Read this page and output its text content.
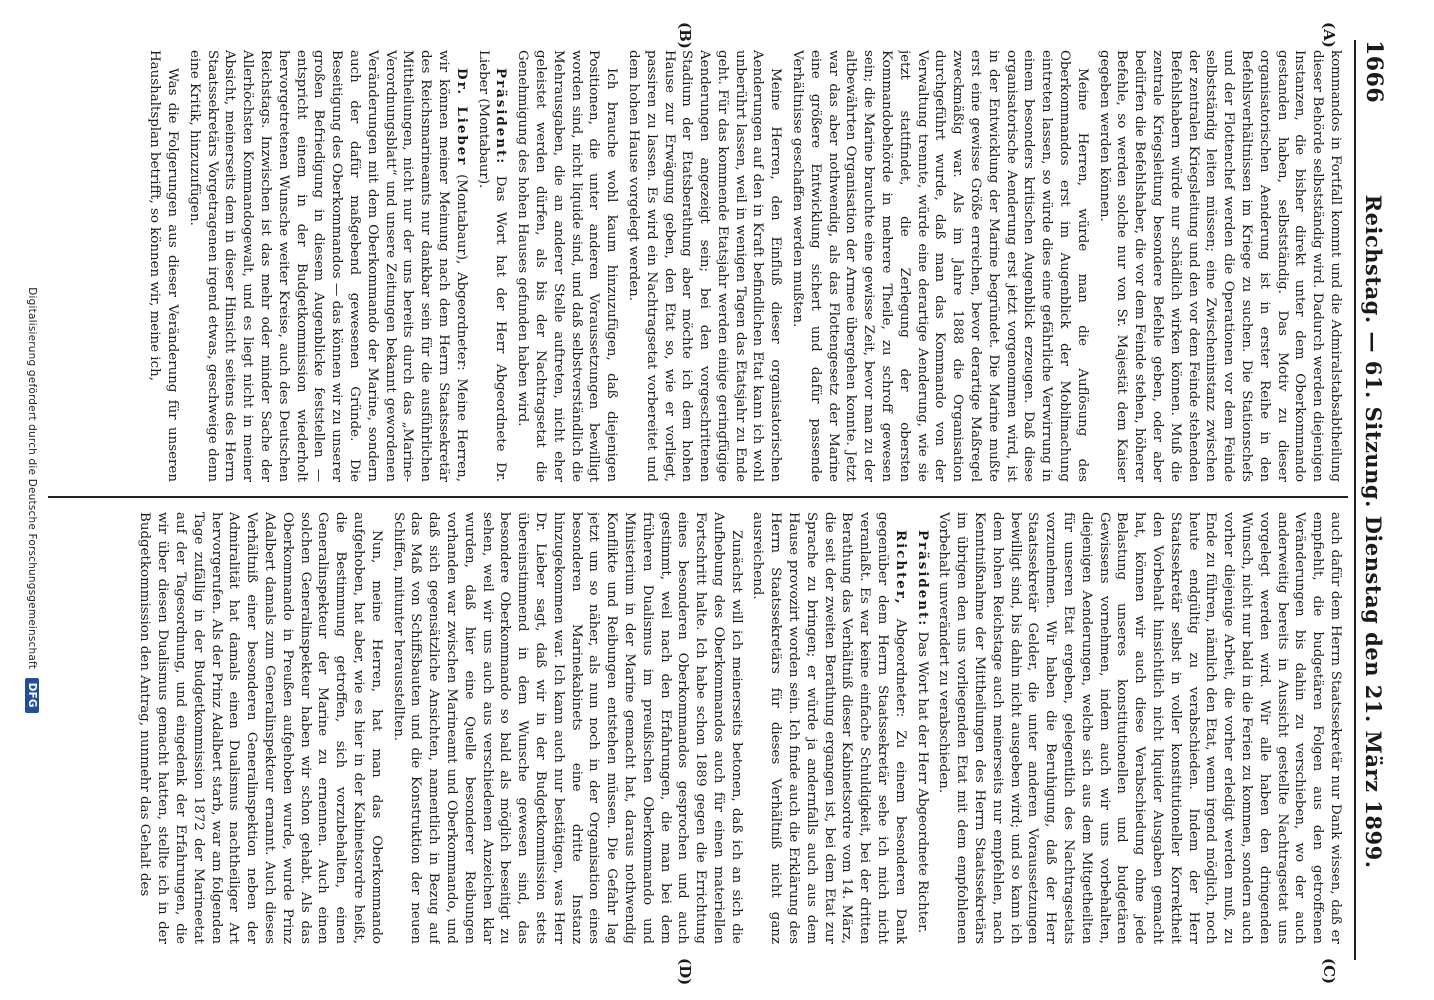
1666
Reichstag. — 61. Sitzung. Dienstag den 21. März 1899.
(A)
(B)
(C)
(D)

kommandos in Fortfall kommt und die Admiralstabsabtheilung dieser Behörde selbstständig wird. Dadurch werden diejenigen Instanzen, die bisher direkt unter dem Oberkommando gestanden haben, selbstständig. Das Motiv zu dieser organisatorischen Aenderung ist in erster Reihe in den Befehlsverhältnissen im Kriege zu suchen. Die Stationschefs und der Flottenchef werden die Operationen vor dem Feinde selbstständig leiten müssen; eine Zwischeninstanz zwischen der zentralen Kriegsleitung und den vor dem Feinde stehenden Befehlshabern würde nur schädlich wirken können. Muß die zentrale Kriegsleitung besondere Befehle geben, oder aber bedürfen die Befehlshaber, die vor dem Feinde stehen, höherer Befehle, so werden solche nur von Sr. Majestät dem Kaiser gegeben werden können.

Meine Herren, würde man die Auflösung des Oberkommandos erst im Augenblick der Mobilmachung eintreten lassen, so würde dies eine gefährliche Verwirrung in einem besonders kritischen Augenblick erzeugen. Daß diese organisatorische Aenderung erst jetzt vorgenommen wird, ist in der Entwicklung der Marine begründet. Die Marine mußte erst eine gewisse Größe erreichen, bevor derartige Maßregel zweckmäßig war. Als im Jahre 1888 die Organisation durchgeführt wurde, daß man das Kommando von der Verwaltung trennte, würde eine derartige Aenderung, wie sie jetzt stattfindet, die Zerlegung der obersten Kommandobehörde in mehrere Theile, zu schroff gewesen sein; die Marine brauchte eine gewisse Zeit, bevor man zu der altbewährten Organisation der Armee übergehen konnte. Jetzt war das aber nothwendig, als das Flottengesetz der Marine eine größere Entwicklung sichert und dafür passende Verhältnisse geschaffen werden mußten.

Meine Herren, den Einfluß dieser organisatorischen Aenderungen auf den in Kraft befindlichen Etat kann ich wohl unberührt lassen, weil in wenigen Tagen das Etatsjahr zu Ende geht. Für das kommende Etatsjahr werden einige geringfügige Aenderungen angezeigt sein; bei den vorgeschrittenen Stadium der Etatsberathung aber möchte ich dem hohen Hause zur Erwägung geben, den Etat so, wie er vorliegt, passiren zu lassen. Es wird ein Nachtragsetat vorbereitet und dem hohen Hause vorgelegt werden.

Ich brauche wohl kaum hinzuzufügen, daß diejenigen Positionen, die unter anderen Voraussetzungen bewilligt worden sind, nicht liquide sind, und daß selbstverständlich die Mehrausgaben, die an anderer Stelle auftreten, nicht eher geleistet werden dürfen, als bis der Nachtragsetat die Genehmigung des hohen Hauses gefunden haben wird.

Präsident: Das Wort hat der Herr Abgeordnete Dr. Lieber (Montabaur).

Dr. Lieber (Montabaur), Abgeordneter: Meine Herren, wir können meiner Meinung nach dem Herrn Staatssekretär des Reichsmarineamts nur dankbar sein für die ausführlichen Mittheilungen, nicht nur der uns bereits durch das „Marine-Verordnungsblatt“ und unsere Zeitungen bekannt gewordenen Veränderungen mit dem Oberkommando der Marine, sondern auch der dafür maßgebend gewesenen Gründe. Die Beseitigung des Oberkommandos — das können wir zu unserer großen Befriedigung in diesem Augenblicke feststellen — entspricht einem in der Budgetkommission wiederholt hervorgetretenen Wunsche weiter Kreise, auch des Deutschen Reichstags. Inzwischen ist das mehr oder minder Sache der Allerhöchsten Kommandogewalt, und es liegt nicht in meiner Absicht, meinerseits dem in dieser Hinsicht seitens des Herrn Staatssekretärs Vorgetragenen irgend etwas, geschweige denn eine Kritik, hinzuzufügen.

Was die Folgerungen aus dieser Veränderung für unseren Haushaltsplan betrifft, so können wir, meine ich,

auch dafür dem Herrn Staatssekretär nur Dank wissen, daß er empfiehlt, die budgetären Folgen aus den getroffenen Veränderungen bis dahin zu verschieben, wo der auch anderweitig bereits in Aussicht gestellte Nachtragsetat uns vorgelegt werden wird. Wir alle haben den dringenden Wunsch, nicht nur bald in die Ferien zu kommen, sondern auch vorher diejenige Arbeit, die vorher erledigt werden muß, zu Ende zu führen, nämlich den Etat, wenn irgend möglich, noch heute endgültig zu verabschieden. Indem der Herr Staatssekretär selbst in voller konstitutioneller Korrektheit den Vorbehalt hinsichtlich nicht liquider Ausgaben gemacht hat, können wir auch diese Verabschiedung ohne jede Belastung unseres konstitutionellen und budgetären Gewissens vornehmen, indem auch wir uns vorbehalten, diejenigen Aenderungen, welche sich aus dem Mitgetheilten für unseren Etat ergeben, gelegentlich des Nachtragsetats vorzunehmen. Wir haben die Beruhigung, daß der Herr Staatssekretär Gelder, die unter anderen Voraussetzungen bewilligt sind, bis dahin nicht ausgeben wird; und so kann ich dem hohen Reichstage auch meinerseits nur empfehlen, nach Kenntnißnahme der Mittheilungen des Herrn Staatssekretärs im übrigen den uns vorliegenden Etat mit dem empfohlenen Vorbehalt unverändert zu verabschieden.

Präsident: Das Wort hat der Herr Abgeordnete Richter.

Richter, Abgeordneter: Zu einem besonderen Dank gegenüber dem Herrn Staatssekretär sehe ich mich nicht veranlaßt. Es war keine einfache Schuldigkeit, bei der dritten Berathung das Verhältniß dieser Kabinetsordre vom 14. März, die seit der zweiten Berathung ergangen ist, bei dem Etat zur Sprache zu bringen; er würde ja andernfalls auch aus dem Hause provozirt worden sein. Ich finde auch die Erklärung des Herrn Staatssekretärs für dieses Verhältniß nicht ganz ausreichend.

Zunächst will ich meinerseits betonen, daß ich an sich die Aufhebung des Oberkommandos auch für einen materiellen Fortschritt halte. Ich habe schon 1889 gegen die Errichtung eines besonderen Oberkommandos gesprochen und auch gestimmt, weil nach den Erfahrungen, die man bei dem früheren Dualismus im preußischen Oberkommando und Ministerium in der Marine gemacht hat, daraus nothwendig Konflikte und Reibungen entstehen müssen. Die Gefahr lag jetzt um so näher, als nun noch in der Organisation eines besonderen Marinekabinets eine dritte Instanz hinzugekommen war. Ich kann auch nur bestätigen, was Herr Dr. Lieber sagt, daß wir in der Budgetkommission stets übereinstimmend in dem Wunsche gewesen sind, das besondere Oberkommando so bald als möglich beseitigt zu sehen, weil wir uns auch aus verschiedenen Anzeichen klar wurden, daß hier eine Quelle besonderer Reibungen vorhanden war zwischen Marineamt und Oberkommando, und daß sich gegensätzliche Ansichten, namentlich in Bezug auf das Maß von Schiffsbauten und die Konstruktion der neuen Schiffen, mitunter herausstellten.

Nun, meine Herren, hat man das Oberkommando aufgehoben, hat aber, wie es hier in der Kabinetsordre heißt, die Bestimmung getroffen, sich vorzubehalten, einen Generalinspekteur der Marine zu ernennen. Auch einen solchen Generalinspekteur haben wir schon gehabt. Als das Oberkommando in Preußen aufgehoben wurde, wurde Prinz Adalbert damals zum Generalinspekteur ernannt. Auch dieses Verhältniß einer besonderen Generalinspektion neben der Admiralität hat damals einen Dualismus nachtheiliger Art hervorgerufen. Als der Prinz Adalbert starb, war am folgenden Tage zufällig in der Budgetkommission 1872 der Marineetat auf der Tagesordnung, und eingedenk der Erfahrungen, die wir über diesen Dualismus gemacht hatten, stellte ich in der Budgetkommission den Antrag, nunmehr das Gehalt des

Digitalisierung gefördert durch die Deutsche Forschungsgemeinschaft DFG
